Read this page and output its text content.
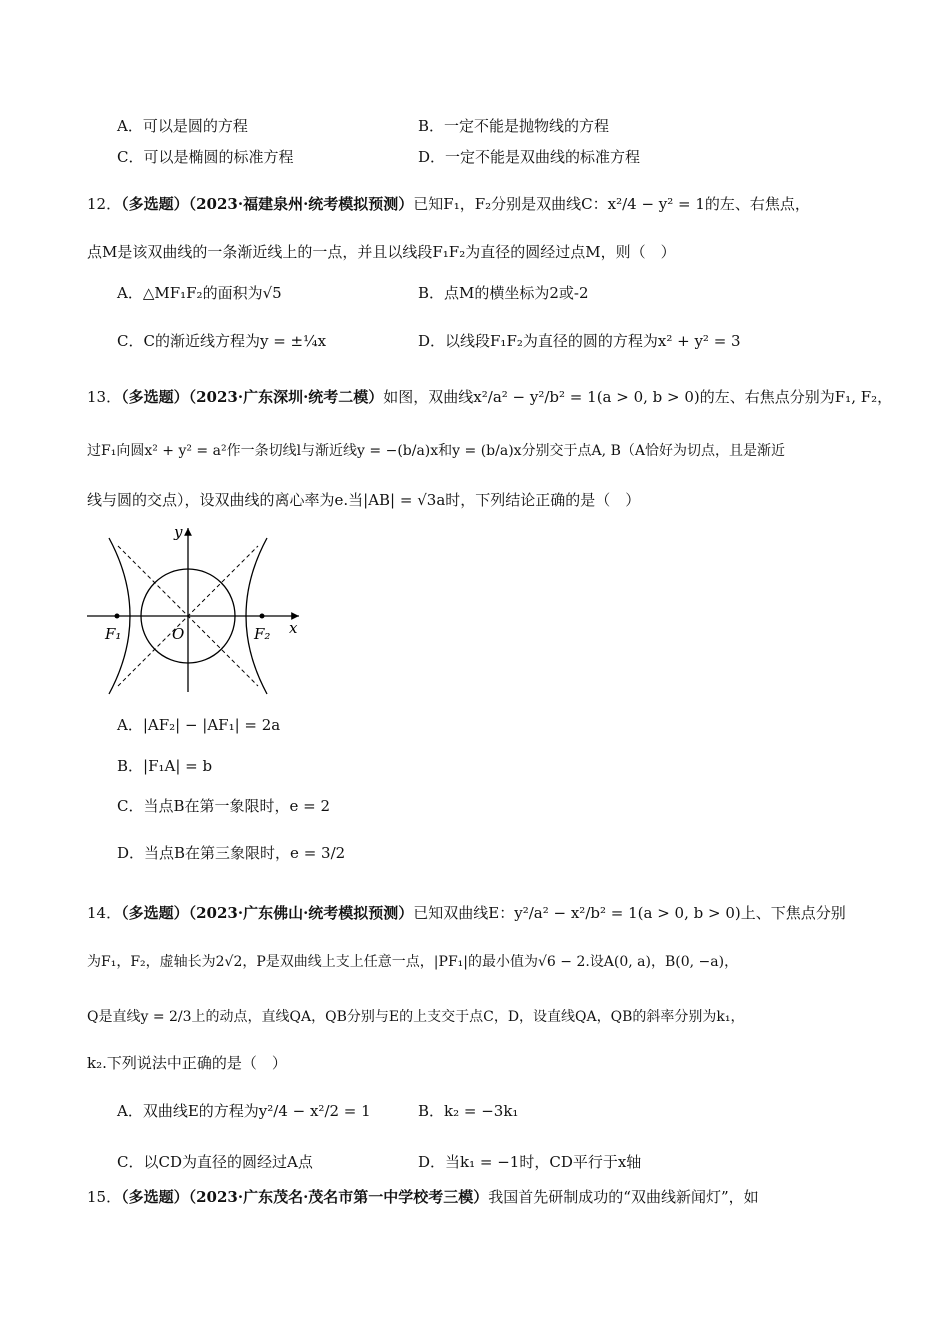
A．可以是圆的方程	B．一定不能是抛物线的方程
C．可以是椭圆的标准方程	D．一定不能是双曲线的标准方程
12．（多选题）（2023·福建泉州·统考模拟预测）已知F₁，F₂分别是双曲线C：x²/4 − y² = 1的左、右焦点，
点M是该双曲线的一条渐近线上的一点，并且以线段F₁F₂为直径的圆经过点M，则（　）
A．△MF₁F₂的面积为√5	B．点M的横坐标为2或-2
C．C的渐近线方程为y = ±¼x	D．以线段F₁F₂为直径的圆的方程为x² + y² = 3
13．（多选题）（2023·广东深圳·统考二模）如图，双曲线x²/a² − y²/b² = 1(a > 0, b > 0)的左、右焦点分别为F₁, F₂，
过F₁向圆x² + y² = a²作一条切线l与渐近线y = −(b/a)x和y = (b/a)x分别交于点A, B（A恰好为切点，且是渐近
线与圆的交点），设双曲线的离心率为e.当|AB| = √3a时，下列结论正确的是（　）
y
x
O
F₁	F₂
A．|AF₂| − |AF₁| = 2a
B．|F₁A| = b
C．当点B在第一象限时，e = 2
D．当点B在第三象限时，e = 3/2
14．（多选题）（2023·广东佛山·统考模拟预测）已知双曲线E：y²/a² − x²/b² = 1(a > 0, b > 0)上、下焦点分别
为F₁，F₂，虚轴长为2√2，P是双曲线上支上任意一点，|PF₁|的最小值为√6 − 2.设A(0, a)，B(0, −a)，
Q是直线y = 2/3上的动点，直线QA，QB分别与E的上支交于点C，D，设直线QA，QB的斜率分别为k₁，
k₂.下列说法中正确的是（　）
A．双曲线E的方程为y²/4 − x²/2 = 1	B．k₂ = −3k₁
C．以CD为直径的圆经过A点	D．当k₁ = −1时，CD平行于x轴
15．（多选题）（2023·广东茂名·茂名市第一中学校考三模）我国首先研制成功的“双曲线新闻灯”，如
